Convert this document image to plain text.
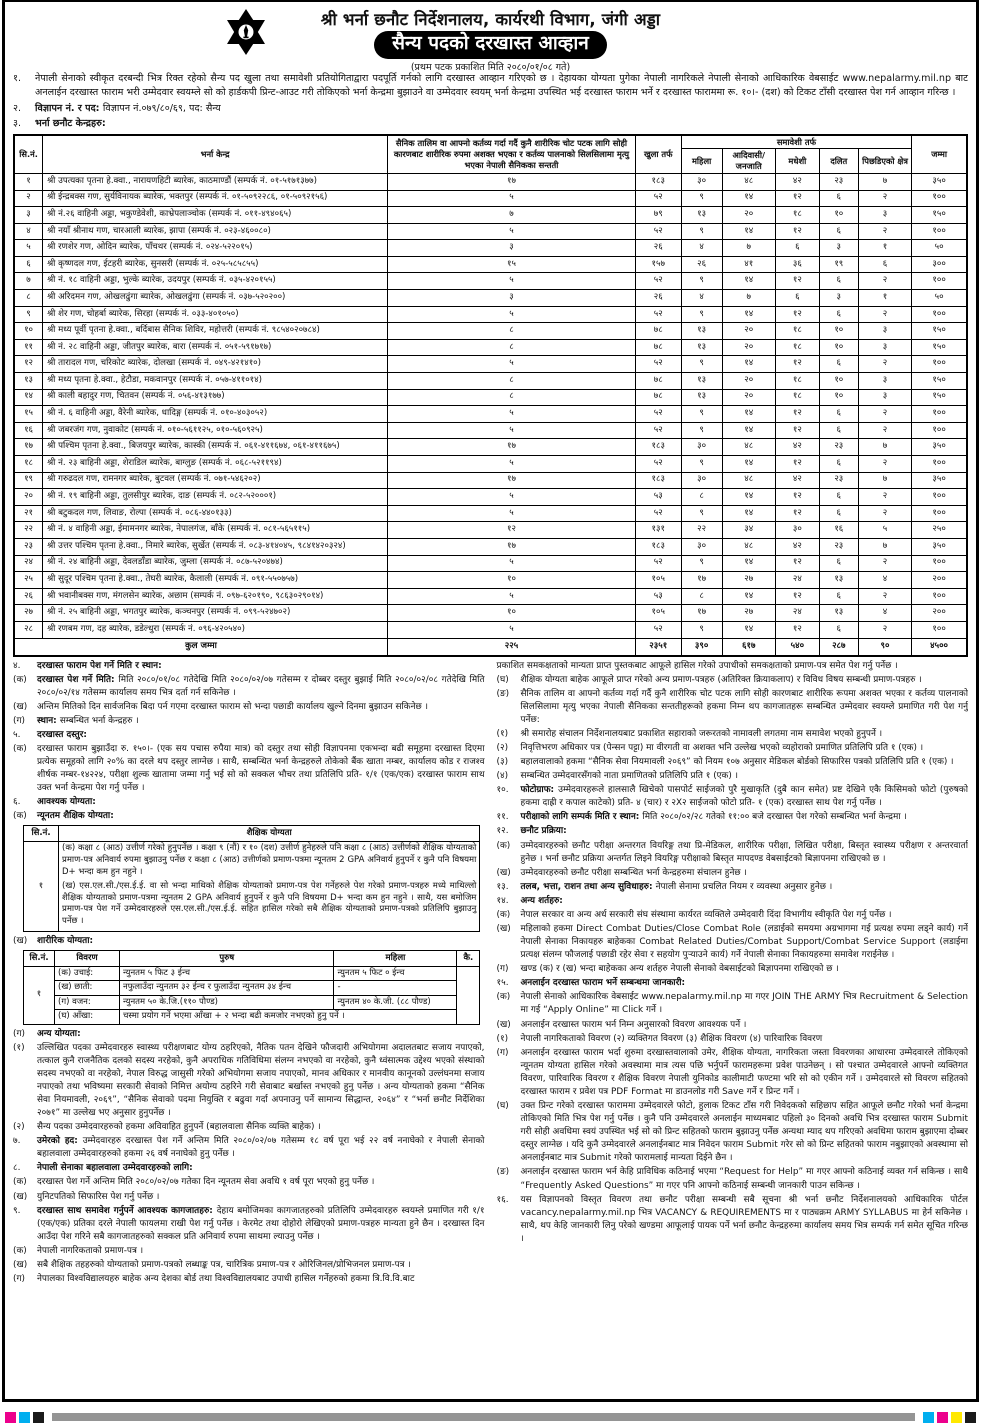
श्री भर्ना छनौट निर्देशनालय, कार्यरथी विभाग, जंगी अड्डा
सैन्य पदको दरखास्त आव्हान
(प्रथम पटक प्रकाशित मिति २०८०/०१/०८ गते)
१.	नेपाली सेनाको स्वीकृत दरबन्दी भित्र रिक्त रहेको सैन्य पद खुला तथा समावेशी प्रतियोगिताद्वारा पदपूर्ति गर्नको लागि दरखास्त आव्हान गरिएको छ । देहायका योग्यता पुगेका नेपाली नागरिकले नेपाली सेनाको आधिकारिक वेबसाईट www.nepalarmy.mil.np बाट अनलाईन दरखास्त फाराम भरी उम्मेदवार स्वयम्ले सो को हार्डकपी प्रिन्ट-आउट गरी तोकिएको भर्ना केन्द्रमा बुझाउने वा उम्मेदवार स्वयम् भर्ना केन्द्रमा उपस्थित भई दरखास्त फाराम भर्ने र दरखास्त फाराममा रू. १०।- (दश) को टिकट टाँसी दरखास्त पेश गर्न आव्हान गरिन्छ ।
२.	विज्ञापन नं. र पद: विज्ञापन नं.०७९/८०/६९, पद: सैन्य
३.	भर्ना छनौट केन्द्रहरु:
सि.नं.	भर्ना केन्द्र	सैनिक तालिम वा आफ्नो कर्तव्य गर्दा गर्दै कुनै शारीरिक चोट पटक लागि सोही कारणबाट शारीरिक रुपमा अशक्त भएका र कर्तव्य पालनाको सिलसिलामा मृत्यु भएका नेपाली सैनिकका सन्तती	खुला तर्फ	समावेशी तर्फ					जम्मा
				महिला	आदिवासी/ जनजाति	मधेशी	दलित	पिछडिएको क्षेत्र	
१	श्री उपत्यका पृतना हे.क्वा., नारायणहिटी ब्यारेक, काठमाण्डौं (सम्पर्क नं. ०१-५१७१३७७)	१७	१८३	३०	४८	४२	२३	७	३५०
२	श्री ईन्द्रबक्स गण, सुर्यविनायक ब्यारेक, भक्तपुर (सम्पर्क नं. ०१-५०९२२८६, ०१-५०९२१५६)	५	५२	९	१४	१२	६	२	१००
३	श्री नं.२६ वाहिनी अड्डा, भकुण्डेवेशी, काभ्रेपलाञ्चोक (सम्पर्क नं. ०११-४९४०६५)	७	७९	१३	२०	१८	१०	३	१५०
४	श्री नयाँ श्रीनाथ गण, चारआली ब्यारेक, झापा (सम्पर्क नं. ०२३-४६००८०)	५	५२	९	१४	१२	६	२	१००
५	श्री रणशेर गण, ओदिन ब्यारेक, पाँचथर (सम्पर्क नं. ०२४-५२२०१५)	३	२६	४	७	६	३	१	५०
६	श्री कृष्णदल गण, ईटहरी ब्यारेक, सुनसरी (सम्पर्क नं. ०२५-५८५८५५)	१५	१५७	२६	४१	३६	१९	६	३००
७	श्री नं. १८ वाहिनी अड्डा, भुल्के ब्यारेक, उदयपुर (सम्पर्क नं. ०३५-४२०१५५)	५	५२	९	१४	१२	६	२	१००
८	श्री अरिदमन गण, ओखलढुंगा ब्यारेक, ओखलढुंगा (सम्पर्क नं. ०३७-५२०२००)	३	२६	४	७	६	३	१	५०
९	श्री शेर गण, चोहर्बा ब्यारेक, सिरहा (सम्पर्क नं. ०३३-४०१०५०)	५	५२	९	१४	१२	६	२	१००
१०	श्री मध्य पूर्वी पृतना हे.क्वा., बर्दिबास सैनिक शिविर, महोत्तरी (सम्पर्क नं. ९८५४०२०७८४)	८	७८	१३	२०	१८	१०	३	१५०
११	श्री नं. २८ वाहिनी अड्डा, जीतपुर ब्यारेक, बारा (सम्पर्क नं. ०५१-५९१७१७)	८	७८	१३	२०	१८	१०	३	१५०
१२	श्री तारादल गण, चरिकोट ब्यारेक, दोलखा (सम्पर्क नं. ०४९-४२१४१०)	५	५२	९	१४	१२	६	२	१००
१३	श्री मध्य पृतना हे.क्वा., हेटौडा, मकवानपुर (सम्पर्क नं. ०५७-४११०१४)	८	७८	१३	२०	१८	१०	३	१५०
१४	श्री काली बहादुर गण, चितवन (सम्पर्क नं. ०५६-४१३१७७)	८	७८	१३	२०	१८	१०	३	१५०
१५	श्री नं. ६ वाहिनी अड्डा, वैरेनी ब्यारेक, धादिङ्ग (सम्पर्क नं. ०१०-४०३०५२)	५	५२	९	१४	१२	६	२	१००
१६	श्री जबरजंग गण, नुवाकोट (सम्पर्क नं. ०१०-५६११२५, ०१०-५६०९२५)	५	५२	९	१४	१२	६	२	१००
१७	श्री पश्चिम पृतना हे.क्वा., बिजयपुर ब्यारेक, कास्की (सम्पर्क नं. ०६१-४११६७४, ०६१-४११६७५)	१७	१८३	३०	४८	४२	२३	७	३५०
१८	श्री नं. २३ बाहिनी अड्डा, शेराडिल ब्यारेक, बाग्लुङ (सम्पर्क नं. ०६८-५२११९४)	५	५२	९	१४	१२	६	२	१००
१९	श्री गरुढदल गण, रामनगर ब्यारेक, बुटवल (सम्पर्क नं. ०७१-५४६२०२)	१७	१८३	३०	४८	४२	२३	७	३५०
२०	श्री नं. १९ बाहिनी अड्डा, तुलसीपुर ब्यारेक, दाङ (सम्पर्क नं. ०८२-५२०००१)	५	५३	८	१४	१२	६	२	१००
२१	श्री बटुकदल गण, लिवाङ, रोल्पा (सम्पर्क नं. ०८६-४४०१३३)	५	५२	९	१४	१२	६	२	१००
२२	श्री नं. ४ वाहिनी अड्डा, ईमामनगर ब्यारेक, नेपालगंज, बाँके (सम्पर्क नं. ०८१-५६५११५)	१२	१३१	२२	३४	३०	१६	५	२५०
२३	श्री उत्तर पश्चिम पृतना हे.क्वा., निमारे ब्यारेक, सुर्खेत (सम्पर्क नं. ०८३-४१४०४५, ९८४१४२०३२४)	१७	१८३	३०	४८	४२	२३	७	३५०
२४	श्री नं. २४ बाहिनी अड्डा, देवलडाँडा ब्यारेक, जुम्ला (सम्पर्क नं. ०८७-५२०४७४)	५	५२	९	१४	१२	६	२	१००
२५	श्री सुदूर पश्चिम पृतना हे.क्वा., तेघरी ब्यारेक, कैलाली (सम्पर्क नं. ०९१-५५०७५७)	१०	१०५	१७	२७	२४	१३	४	२००
२६	श्री भवानीबक्स गण, मंगलसेन ब्यारेक, अछाम (सम्पर्क नं. ०९७-६२०१९०, ९८६३०२९०१४)	५	५३	८	१४	१२	६	२	१००
२७	श्री नं. २५ बाहिनी अड्डा, भगतपुर ब्यारेक, कञ्चनपुर (सम्पर्क नं. ०९९-५२४७०२)	१०	१०५	१७	२७	२४	१३	४	२००
२८	श्री रणबम गण, दह ब्यारेक, डडेल्धुरा (सम्पर्क नं. ०९६-४२०५४०)	५	५२	९	१४	१२	६	२	१००
कुल जम्मा		२२५	२३५१	३९०	६१७	५४०	२८७	९०	४५००
४.	दरखास्त फाराम पेश गर्ने मिति र स्थान:
(क)	दरखास्त पेश गर्ने मिति: मिति २०८०/०१/०८ गतेदेखि मिति २०८०/०२/०७ गतेसम्म र दोब्बर दस्तुर बुझाई मिति २०८०/०२/०८ गतेदेखि मिति २०८०/०२/१४ गतेसम्म कार्यालय समय भित्र दर्ता गर्न सकिनेछ ।
(ख)	अन्तिम मितिको दिन सार्वजनिक बिदा पर्न गएमा दरखास्त फाराम सो भन्दा पछाडी कार्यालय खुल्ने दिनमा बुझाउन सकिनेछ ।
(ग)	स्थान: सम्बन्धित भर्ना केन्द्रहरु ।
५.	दरखास्त दस्तुर:
(क)	दरखास्त फाराम बुझाउँदा रु. १५०।- (एक सय पचास रुपैया मात्र) को दस्तुर तथा सोही विज्ञापनमा एकभन्दा बढी समूहमा दरखास्त दिएमा प्रत्येक समूहको लागि २०% का दरले थप दस्तुर लाग्नेछ । साथै, सम्बन्धित भर्ना केन्द्रहरुले तोकेको बैंक खाता नम्बर, कार्यालय कोड र राजश्व शीर्षक नम्बर-१४२२४, परीक्षा शुल्क खातामा जम्मा गर्नु भई सो को सक्कल भौचर तथा प्रतिलिपि प्रति- १/१ (एक/एक) दरखास्त फाराम साथ उक्त भर्ना केन्द्रमा पेश गर्नु पर्नेछ ।
६.	आवश्यक योग्यता:
(क)	न्यूनतम शैक्षिक योग्यता:
सि.नं.	शैक्षिक योग्यता
१	(क) कक्षा ८ (आठ) उत्तीर्ण गरेको हुनुपर्नेछ । कक्षा ९ (नौं) र १० (दश) उत्तीर्ण हुनेहरुले पनि कक्षा ८ (आठ) उत्तीर्णको शैक्षिक योग्यताको प्रमाण-पत्र अनिवार्य रुपमा बुझाउनु पर्नेछ र कक्षा ८ (आठ) उत्तीर्णको प्रमाण-पत्रमा न्यूनतम 2 GPA अनिवार्य हुनुपर्ने र कुनै पनि विषयमा D+ भन्दा कम हुन नहुने ।

(ख) एस.एल.सी./एस.ई.ई. वा सो भन्दा माथिको शैक्षिक योग्यताको प्रमाण-पत्र पेश गर्नेहरुले पेश गरेको प्रमाण-पत्रहरु मध्ये माथिल्लो शैक्षिक योग्यताको प्रमाण-पत्रमा न्यूनतम 2 GPA अनिवार्य हुनुपर्ने र कुनै पनि विषयमा D+ भन्दा कम हुन नहुने । साथै, यस बमोजिम प्रमाण-पत्र पेश गर्ने उम्मेदवारहरुले एस.एल.सी./एस.ई.ई. सहित हासिल गरेको सबै शैक्षिक योग्यताको प्रमाण-पत्रको प्रतिलिपि बुझाउनु पर्नेछ ।

(ख)	शारीरिक योग्यता:
सि.नं.	विवरण	पुरुष	महिला	कै.
१	(क) उचाई:	न्युनतम ५ फिट ३ ईन्च	न्युनतम ५ फिट ० ईन्च	
	(ख) छाती:	नफुलाउँदा न्युनतम ३२ ईन्च र फुलाउँदा न्युनतम ३४ ईन्च	-	
	(ग) वजन:	न्युनतम ५० के.जि.(११० पौण्ड)	न्युनतम ४० के.जी. (८८ पौण्ड)	
	(घ) आँखा:	चस्मा प्रयोग गर्ने भएमा आँखा + २ भन्दा बढी कमजोर नभएको हुनु पर्ने ।		
(ग)	अन्य योग्यता:
(१)	उल्लिखित पदका उम्मेदवारहरु स्वास्थ्य परीक्षणबाट योग्य ठहरिएको, नैतिक पतन देखिने फौजदारी अभियोगमा अदालतबाट सजाय नपाएको, तत्काल कुनै राजनैतिक दलको सदस्य नरहेको, कुनै अपराधिक गतिविधिमा संलग्न नभएको वा नरहेको, कुनै ध्वंसात्मक उद्देश्य भएको संस्थाको सदस्य नभएको वा नरहेको, नेपाल विरुद्ध जासुसी गरेको अभियोगमा सजाय नपाएको, मानव अधिकार र मानवीय कानूनको उल्लंघनमा सजाय नपाएको तथा भविष्यमा सरकारी सेवाको निमित्त अयोग्य ठहरिने गरी सेवाबाट बर्खास्त नभएको हुनु पर्नेछ । अन्य योग्यताको हकमा “सैनिक सेवा नियमावली, २०६९”, “सैनिक सेवाको पदमा नियुक्ति र बढुवा गर्दा अपनाउनु पर्ने सामान्य सिद्धान्त, २०६४” र “भर्ना छनौट निर्देशिका २०७१” मा उल्लेख भए अनुसार हुनुपर्नेछ ।
(२)	सैन्य पदका उम्मेदवारहरुको हकमा अविवाहित हुनुपर्ने (बहालवाला सैनिक व्यक्ति बाहेक) ।
७.	उमेरको हद: उम्मेदवारहरु दरखास्त पेश गर्ने अन्तिम मिति २०८०/०२/०७ गतेसम्म १८ वर्ष पूरा भई २२ वर्ष ननाघेको र नेपाली सेनाको बहालवाला उम्मेदवारहरुको हकमा २६ वर्ष ननाघेको हुनु पर्नेछ ।
८.	नेपाली सेनाका बहालवाला उम्मेदवारहरुको लागि:
(क)	दरखास्त पेश गर्ने अन्तिम मिति २०८०/०२/०७ गतेका दिन न्यूनतम सेवा अवधि १ वर्ष पूरा भएको हुनु पर्नेछ ।
(ख)	युनिटपतिको सिफारिस पेश गर्नु पर्नेछ ।
९.	दरखास्त साथ समावेश गर्नुपर्ने आवश्यक कागजातहरु: देहाय बमोजिमका कागजातहरुको प्रतिलिपि उम्मेदवारहरु स्वयम्ले प्रमाणित गरी १/१ (एक/एक) प्रतिका दरले नेपाली फायलमा राखी पेश गर्नु पर्नेछ । केरमेट तथा दोहोरो लेखिएको प्रमाण-पत्रहरु मान्यता हुने छैन । दरखास्त दिन आउँदा पेश गरिने सबै कागजातहरुको सक्कल प्रति अनिवार्य रुपमा साथमा ल्याउनु पर्नेछ ।
(क)	नेपाली नागरिकताको प्रमाण-पत्र ।
(ख)	सबै शैक्षिक तहहरुको योग्यताको प्रमाण-पत्रको लब्धाङ्क पत्र, चारित्रिक प्रमाण-पत्र र ओरिजिनल/प्रोभिजनल प्रमाण-पत्र ।
(ग)	नेपालका विश्वविद्यालयहरु बाहेक अन्य देशका बोर्ड तथा विश्वविद्यालयबाट उपाधी हासिल गर्नेहरुको हकमा त्रि.वि.वि.बाट
प्रकाशित समकक्षताको मान्यता प्राप्त पुस्तकबाट आफूले हासिल गरेको उपाधीको समकक्षताको प्रमाण-पत्र समेत पेश गर्नु पर्नेछ ।
(घ)	शैक्षिक योग्यता बाहेक आफूले प्राप्त गरेको अन्य प्रमाण-पत्रहरु (अतिरिक्त क्रियाकलाप) र विविध विषय सम्बन्धी प्रमाण-पत्रहरु ।
(ङ)	सैनिक तालिम वा आफ्नो कर्तव्य गर्दा गर्दै कुनै शारीरिक चोट पटक लागि सोही कारणबाट शारीरिक रूपमा अशक्त भएका र कर्तव्य पालनाको सिलसिलामा मृत्यु भएका नेपाली सैनिकका सन्ततीहरूको हकमा निम्न थप कागजातहरू सम्बन्धित उम्मेदवार स्वयम्ले प्रमाणित गरी पेश गर्नु पर्नेछ:
(१)	श्री समारोह संचालन निर्देशनालयबाट प्रकाशित सहाराको जरूरतको नामावली लगतमा नाम समावेश भएको हुनुपर्ने ।
(२)	निवृत्तिभरण अधिकार पत्र (पेन्सन पट्टा) मा वीरगती वा अशक्त भनि उल्लेख भएको व्यहोराको प्रमाणित प्रतिलिपि प्रति १ (एक) ।
(३)	बहालवालाको हकमा “सैनिक सेवा नियमावली २०६९” को नियम १०७ अनुसार मेडिकल बोर्डको सिफारिस पत्रको प्रतिलिपि प्रति १ (एक) ।
(४)	सम्बन्धित उम्मेदवारसँगको नाता प्रमाणितको प्रतिलिपि प्रति १ (एक) ।
१०.	फोटोग्राफ: उम्मेदवारहरूले हालसालै खिचेको पासपोर्ट साईजको पुरै मुखाकृति (दुबै कान समेत) प्रष्ट देखिने एकै किसिमको फोटो (पुरुषको हकमा दाह्री र कपाल काटेको) प्रति- ४ (चार) र २X२ साईजको फोटो प्रति- १ (एक) दरखास्त साथ पेश गर्नु पर्नेछ ।
११.	परीक्षाको लागि सम्पर्क मिति र स्थान: मिति २०८०/०२/२८ गतेको ११:०० बजे दरखास्त पेश गरेको सम्बन्धित भर्ना केन्द्रमा ।
१२.	छनौट प्रक्रिया:
(क)	उम्मेदवारहरुको छनौट परीक्षा अन्तरगत वियरिङ्ग तथा प्रि-मेडिकल, शारीरिक परीक्षा, लिखित परीक्षा, बिस्तृत स्वास्थ्य परीक्षण र अन्तरवार्ता हुनेछ । भर्ना छनौट प्रक्रिया अन्तर्गत लिइने वियरिङ्ग परीक्षाको बिस्तृत मापदण्ड वेबसाईटको बिज्ञापनमा राखिएको छ ।
(ख)	उम्मेदवारहरुको छनौट परीक्षा सम्बन्धित भर्ना केन्द्रहरुमा संचालन हुनेछ ।
१३.	तलब, भत्ता, राशन तथा अन्य सुविधाहरु: नेपाली सेनामा प्रचलित नियम र व्यवस्था अनुसार हुनेछ ।
१४.	अन्य शर्तहरु:
(क)	नेपाल सरकार वा अन्य अर्ध सरकारी संघ संस्थामा कार्यरत व्यक्तिले उम्मेदवारी दिंदा विभागीय स्वीकृति पेश गर्नु पर्नेछ ।
(ख)	महिलाको हकमा Direct Combat Duties/Close Combat Role (लडाईको समयमा अग्रभागमा गई प्रत्यक्ष रुपमा लड्ने कार्य) गर्ने नेपाली सेनाका निकायहरु बाहेकका Combat Related Duties/Combat Support/Combat Service Support (लडाईमा प्रत्यक्ष संलग्न फौजलाई पछाडी रहेर सेवा र सहयोग पुऱ्याउने कार्य) गर्ने नेपाली सेनाका निकायहरुमा समावेश गराईनेछ ।
(ग)	खण्ड (क) र (ख) भन्दा बाहेकका अन्य शर्तहरु नेपाली सेनाको वेबसाईटको बिज्ञापनमा राखिएको छ ।
१५.	अनलाईन दरखास्त फाराम भर्ने सम्बन्धमा जानकारी:
(क)	नेपाली सेनाको आधिकारिक वेबसाईट www.nepalarmy.mil.np मा गएर JOIN THE ARMY भित्र Recruitment & Selection मा गई “Apply Online” मा Click गर्ने ।
(ख)	अनलाईन दरखास्त फाराम भर्न निम्न अनुसारको विवरण आवश्यक पर्ने ।
(१)	नेपाली नागरिकताको विवरण (२) व्यक्तिगत विवरण (३) शैक्षिक विवरण (४) पारिवारिक विवरण
(ग)	अनलाईन दरखास्त फाराम भर्दा शुरुमा दरखास्तवालाको उमेर, शैक्षिक योग्यता, नागरिकता जस्ता विवरणका आधारमा उम्मेदवारले तोकिएको न्यूनतम योग्यता हासिल गरेको अवस्थामा मात्र त्यस पछि भर्नुपर्ने फारामहरूमा प्रवेश पाउनेछन् । सो पश्चात उम्मेदवारले आफ्नो व्यक्तिगत विवरण, पारिवारिक विवरण र शैक्षिक विवरण नेपाली युनिकोड कालीमाटी फण्टमा भरि सो को एकीन गर्ने । उम्मेदवारले सो विवरण सहितको दरखास्त फाराम र प्रवेश पत्र PDF Format मा डाउनलोड गरी Save गर्ने र प्रिन्ट गर्ने ।
(घ)	उक्त प्रिन्ट गरेको दरखास्त फाराममा उम्मेदवारले फोटो, हुलाक टिकट टाँस गरी निवेदकको सहिछाप सहित आफूले छनौट गरेको भर्ना केन्द्रमा तोकिएको मिति भित्र पेश गर्नु पर्नेछ । कुनै पनि उम्मेदवारले अनलाईन माध्यमबाट पहिलो ३० दिनको अवधि भित्र दरखास्त फाराम Submit गरी सोही अवधिमा स्वयं उपस्थित भई सो को प्रिन्ट सहितको फाराम बुझाउनु पर्नेछ अन्यथा म्याद थप गरिएको अवधिमा फाराम बुझाएमा दोब्बर दस्तुर लाग्नेछ । यदि कुनै उम्मेदवारले अनलाईनबाट मात्र निवेदन फाराम Submit गरेर सो को प्रिन्ट सहितको फाराम नबुझाएको अवस्थामा सो अनलाईनबाट मात्र Submit गरेको फारामलाई मान्यता दिईने छैन ।
(ङ)	अनलाईन दरखास्त फाराम भर्न केहि प्राविधिक कठिनाई भएमा “Request for Help” मा गएर आफ्नो कठिनाई व्यक्त गर्न सकिन्छ । साथै “Frequently Asked Questions” मा गएर पनि आफ्नो कठिनाई सम्बन्धी जानकारी पाउन सकिन्छ ।
१६.	यस विज्ञापनको विस्तृत विवरण तथा छनौट परीक्षा सम्बन्धी सबै सूचना श्री भर्ना छनौट निर्देशनालयको आधिकारिक पोर्टल vacancy.nepalarmy.mil.np भित्र VACANCY & REQUIREMENTS मा र पाठ्यक्रम ARMY SYLLABUS मा हेर्न सकिनेछ । साथै, थप केहि जानकारी लिनु परेको खण्डमा आफूलाई पायक पर्ने भर्ना छनौट केन्द्रहरुमा कार्यालय समय भित्र सम्पर्क गर्न समेत सूचित गरिन्छ ।
